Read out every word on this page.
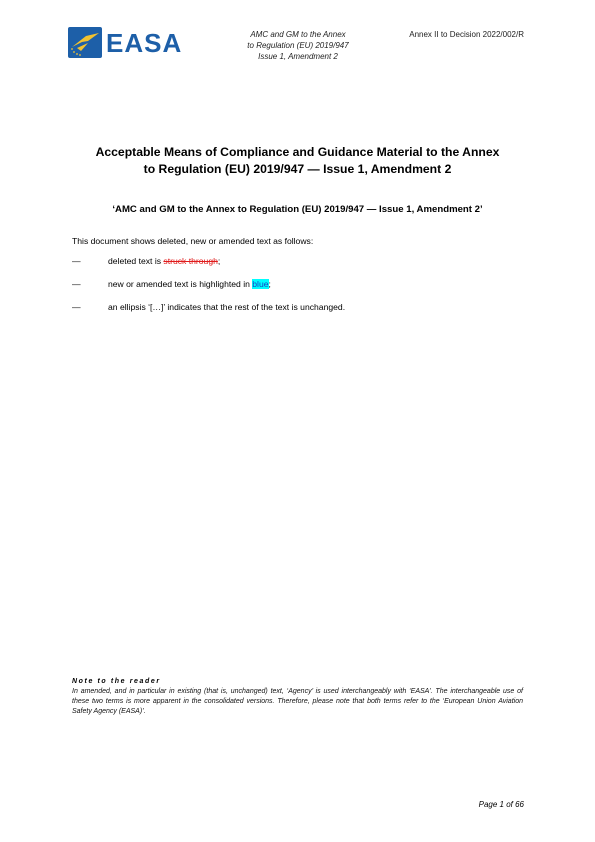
EASA	AMC and GM to the Annex
to Regulation (EU) 2019/947
Issue 1, Amendment 2
Annex II to Decision 2022/002/R
Acceptable Means of Compliance and Guidance Material to the Annex
to Regulation (EU) 2019/947 — Issue 1, Amendment 2
‘AMC and GM to the Annex to Regulation (EU) 2019/947 — Issue 1, Amendment 2’
This document shows deleted, new or amended text as follows:
—	deleted text is struck through;
—	new or amended text is highlighted in blue;
—	an ellipsis ‘[…]’ indicates that the rest of the text is unchanged.
Note to the reader
In amended, and in particular in existing (that is, unchanged) text, ‘Agency’ is used interchangeably with ‘EASA’. The interchangeable use of these two terms is more apparent in the consolidated versions. Therefore, please note that both terms refer to the ‘European Union Aviation Safety Agency (EASA)’.
Page 1 of 66
